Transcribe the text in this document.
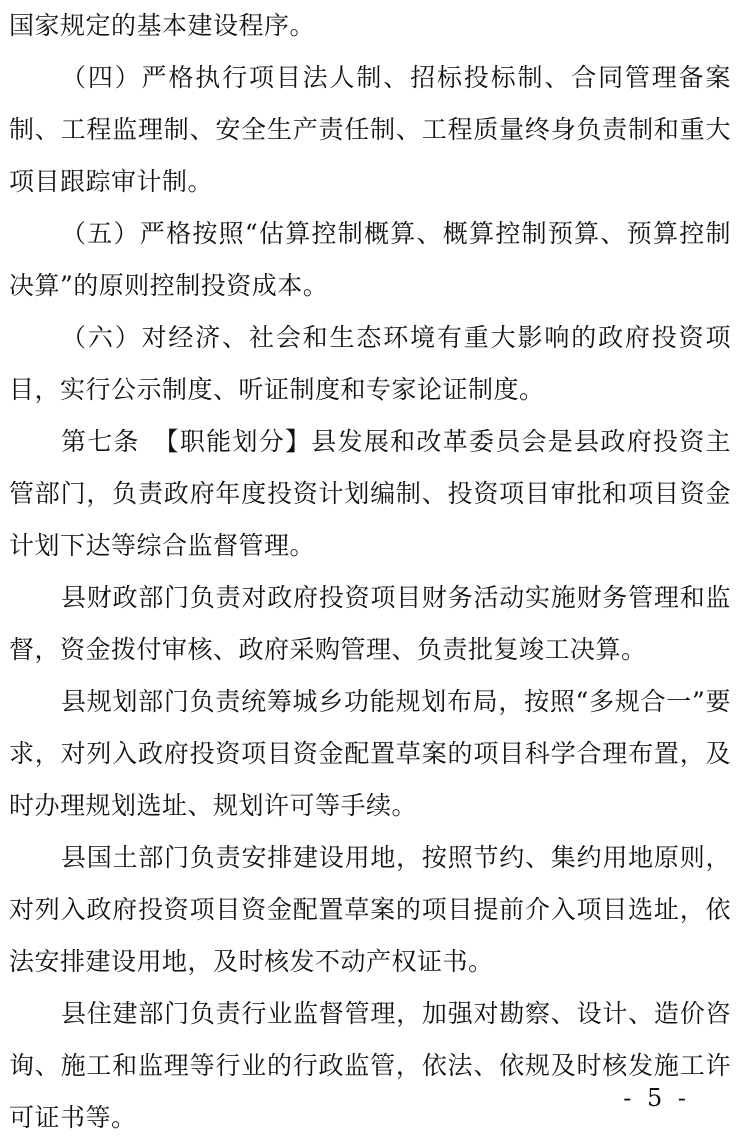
国家规定的基本建设程序。

（四）严格执行项目法人制、招标投标制、合同管理备案制、工程监理制、安全生产责任制、工程质量终身负责制和重大项目跟踪审计制。

（五）严格按照“估算控制概算、概算控制预算、预算控制决算”的原则控制投资成本。

（六）对经济、社会和生态环境有重大影响的政府投资项目，实行公示制度、听证制度和专家论证制度。

第七条　【职能划分】县发展和改革委员会是县政府投资主管部门，负责政府年度投资计划编制、投资项目审批和项目资金计划下达等综合监督管理。

县财政部门负责对政府投资项目财务活动实施财务管理和监督，资金拨付审核、政府采购管理、负责批复竣工决算。

县规划部门负责统筹城乡功能规划布局，按照“多规合一”要求，对列入政府投资项目资金配置草案的项目科学合理布置，及时办理规划选址、规划许可等手续。

县国土部门负责安排建设用地，按照节约、集约用地原则，对列入政府投资项目资金配置草案的项目提前介入项目选址，依法安排建设用地，及时核发不动产权证书。

县住建部门负责行业监督管理，加强对勘察、设计、造价咨询、施工和监理等行业的行政监管，依法、依规及时核发施工许可证书等。

- 5 -
